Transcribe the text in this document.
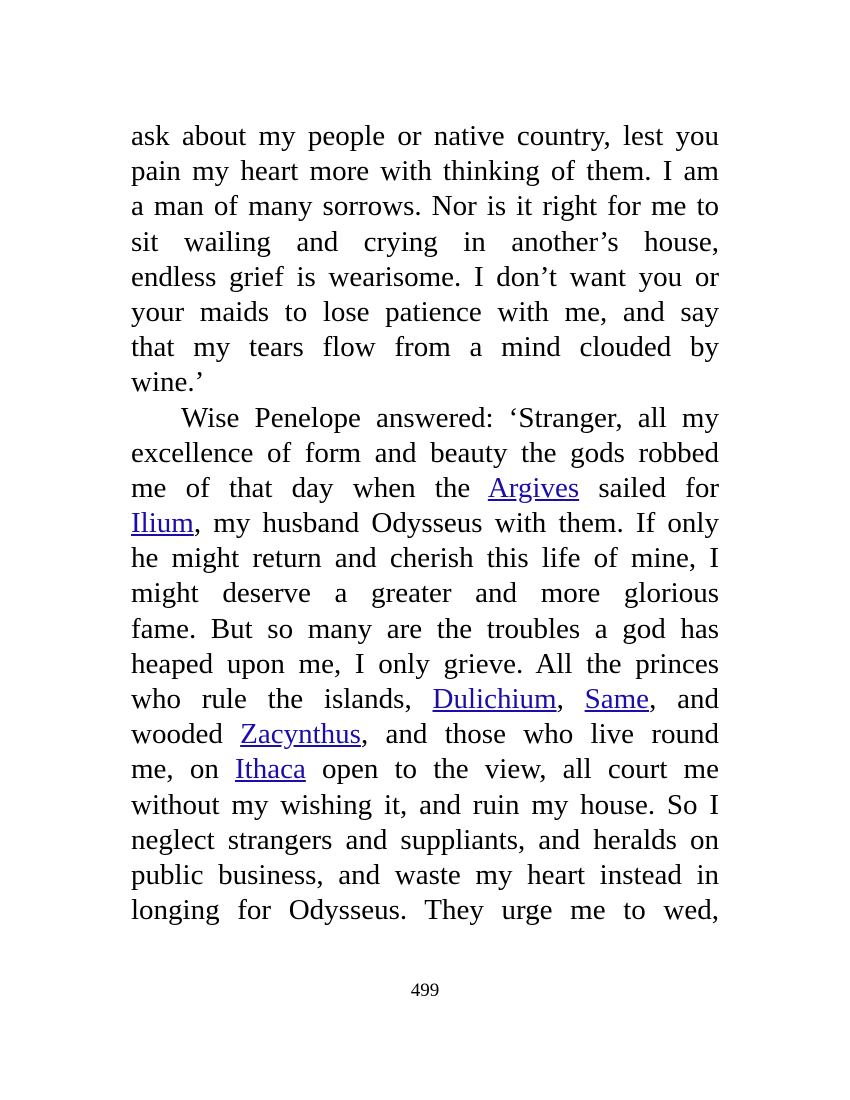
ask about my people or native country, lest you
pain my heart more with thinking of them. I am
a man of many sorrows. Nor is it right for me to
sit wailing and crying in another’s house,
endless grief is wearisome. I don’t want you or
your maids to lose patience with me, and say
that my tears flow from a mind clouded by
wine.’
Wise Penelope answered: ‘Stranger, all my
excellence of form and beauty the gods robbed
me of that day when the Argives sailed for
Ilium, my husband Odysseus with them. If only
he might return and cherish this life of mine, I
might deserve a greater and more glorious
fame. But so many are the troubles a god has
heaped upon me, I only grieve. All the princes
who rule the islands, Dulichium, Same, and
wooded Zacynthus, and those who live round
me, on Ithaca open to the view, all court me
without my wishing it, and ruin my house. So I
neglect strangers and suppliants, and heralds on
public business, and waste my heart instead in
longing for Odysseus. They urge me to wed,
499
